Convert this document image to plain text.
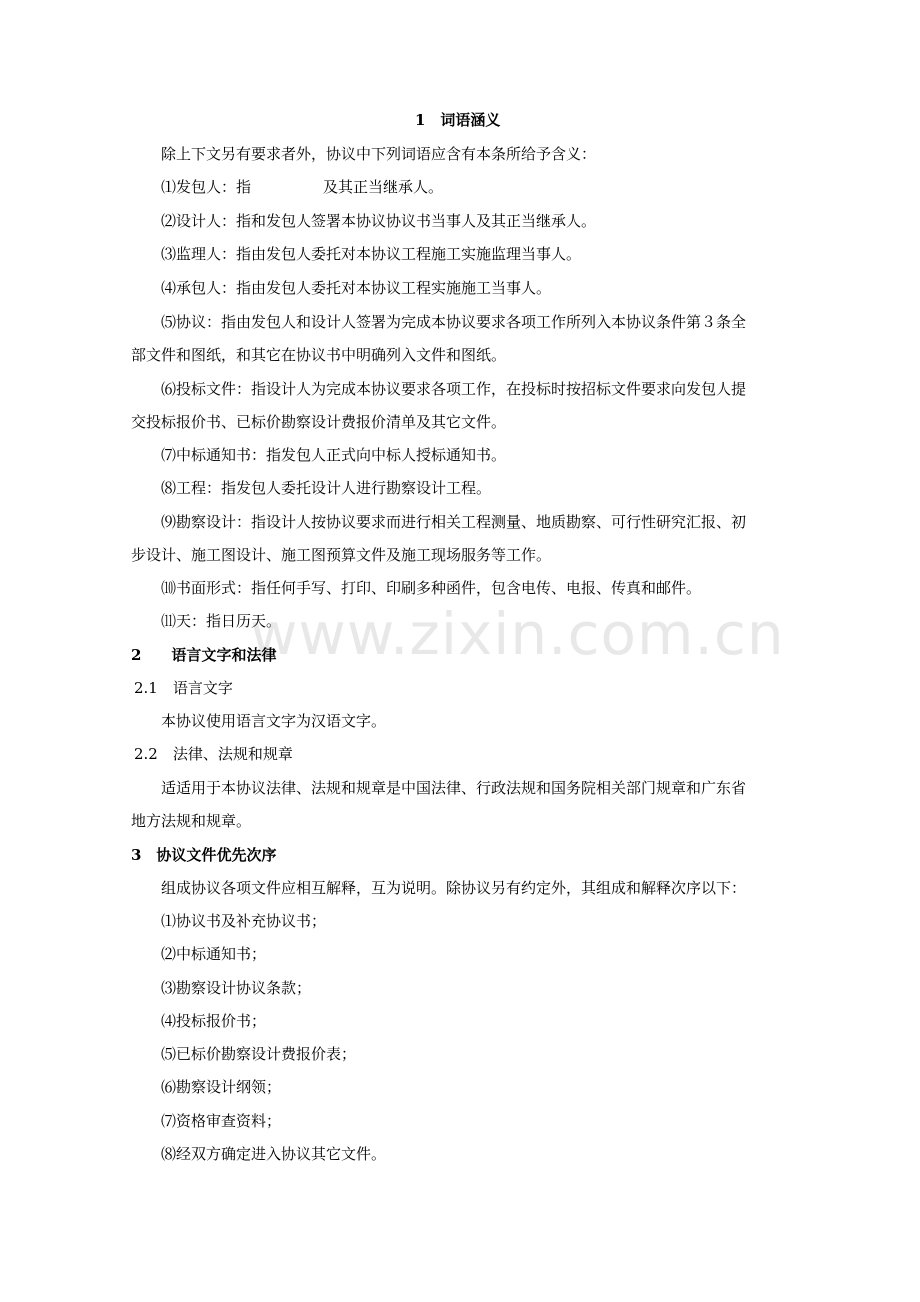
www.zixin.com.cn
1　词语涵义
除上下文另有要求者外，协议中下列词语应含有本条所给予含义：
⑴发包人：指	及其正当继承人。
⑵设计人：指和发包人签署本协议协议书当事人及其正当继承人。
⑶监理人：指由发包人委托对本协议工程施工实施监理当事人。
⑷承包人：指由发包人委托对本协议工程实施施工当事人。
⑸协议：指由发包人和设计人签署为完成本协议要求各项工作所列入本协议条件第３条全
部文件和图纸，和其它在协议书中明确列入文件和图纸。
⑹投标文件：指设计人为完成本协议要求各项工作，在投标时按招标文件要求向发包人提
交投标报价书、已标价勘察设计费报价清单及其它文件。
⑺中标通知书：指发包人正式向中标人授标通知书。
⑻工程：指发包人委托设计人进行勘察设计工程。
⑼勘察设计：指设计人按协议要求而进行相关工程测量、地质勘察、可行性研究汇报、初
步设计、施工图设计、施工图预算文件及施工现场服务等工作。
⑽书面形式：指任何手写、打印、印刷多种函件，包含电传、电报、传真和邮件。
⑾天：指日历天。
2　　语言文字和法律
2.1　语言文字
本协议使用语言文字为汉语文字。
2.2　法律、法规和规章
适适用于本协议法律、法规和规章是中国法律、行政法规和国务院相关部门规章和广东省
地方法规和规章。
3　协议文件优先次序
组成协议各项文件应相互解释，互为说明。除协议另有约定外，其组成和解释次序以下：
⑴协议书及补充协议书；
⑵中标通知书；
⑶勘察设计协议条款；
⑷投标报价书；
⑸已标价勘察设计费报价表；
⑹勘察设计纲领；
⑺资格审查资料；
⑻经双方确定进入协议其它文件。
